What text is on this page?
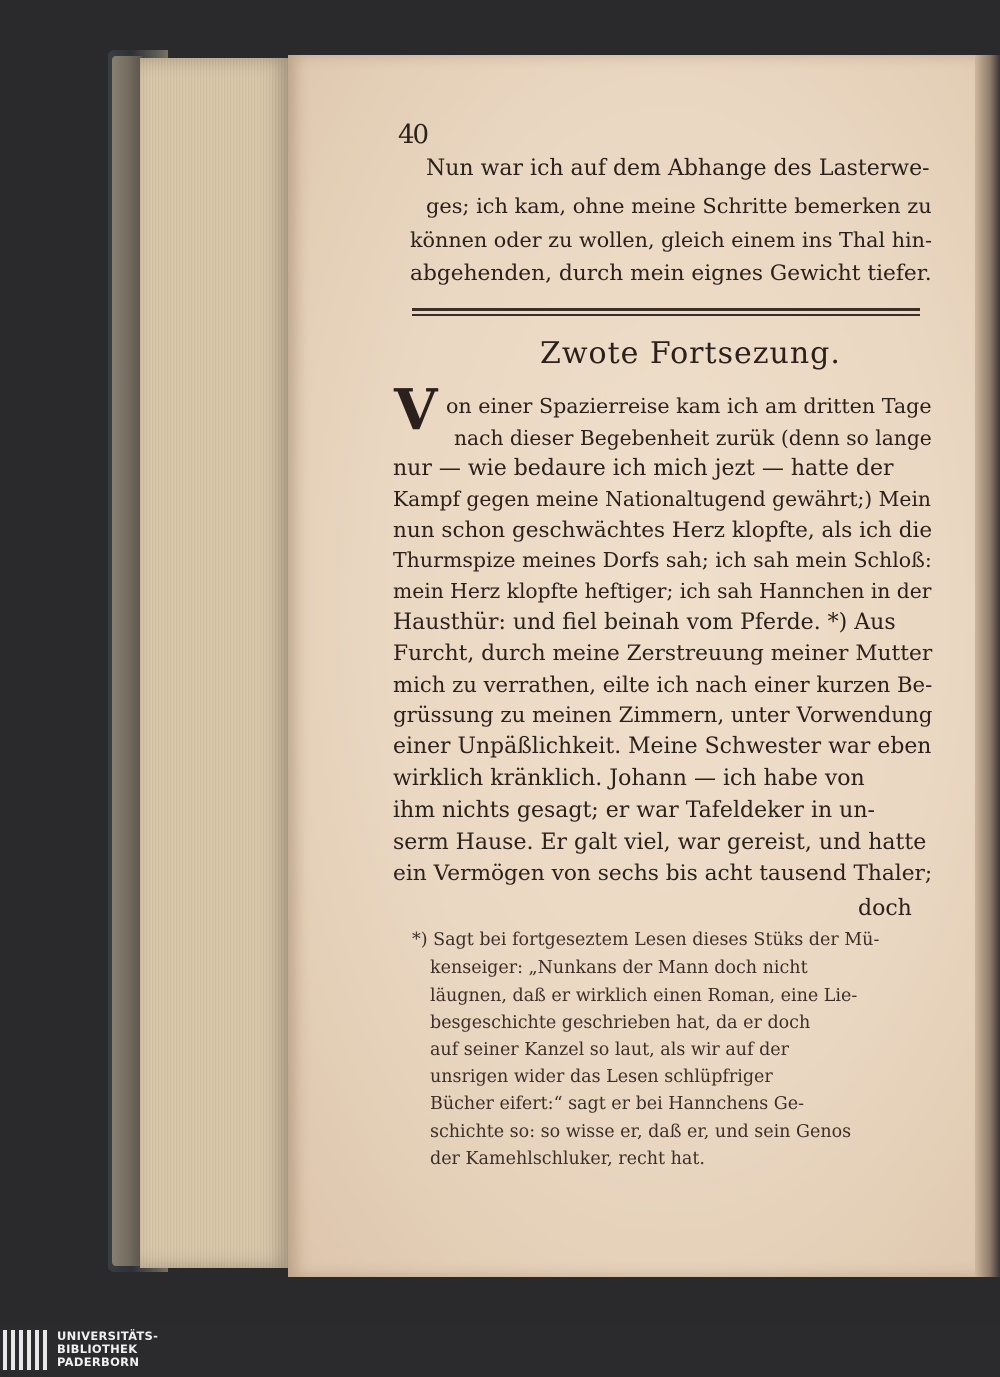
40
Nun war ich auf dem Abhange des Lasterwe-
ges; ich kam, ohne meine Schritte bemerken zu
können oder zu wollen, gleich einem ins Thal hin-
abgehenden, durch mein eignes Gewicht tiefer.
Zwote Fortsezung.
V on einer Spazierreise kam ich am dritten Tage
nach dieser Begebenheit zurük (denn so lange
nur — wie bedaure ich mich jezt — hatte der
Kampf gegen meine Nationaltugend gewährt;) Mein
nun schon geschwächtes Herz klopfte, als ich die
Thurmspize meines Dorfs sah; ich sah mein Schloß:
mein Herz klopfte heftiger; ich sah Hannchen in der
Hausthür: und fiel beinah vom Pferde. *) Aus
Furcht, durch meine Zerstreuung meiner Mutter
mich zu verrathen, eilte ich nach einer kurzen Be-
grüssung zu meinen Zimmern, unter Vorwendung
einer Unpäßlichkeit. Meine Schwester war eben
wirklich kränklich. Johann — ich habe von
ihm nichts gesagt; er war Tafeldeker in un-
serm Hause. Er galt viel, war gereist, und hatte
ein Vermögen von sechs bis acht tausend Thaler;
doch
*) Sagt bei fortgeseztem Lesen dieses Stüks der Mü-
kenseiger: „Nunkans der Mann doch nicht
läugnen, daß er wirklich einen Roman, eine Lie-
besgeschichte geschrieben hat, da er doch
auf seiner Kanzel so laut, als wir auf der
unsrigen wider das Lesen schlüpfriger
Bücher eifert:“ sagt er bei Hannchens Ge-
schichte so: so wisse er, daß er, und sein Genos
der Kamehlschluker, recht hat.
UNIVERSITÄTS-
BIBLIOTHEK
PADERBORN
